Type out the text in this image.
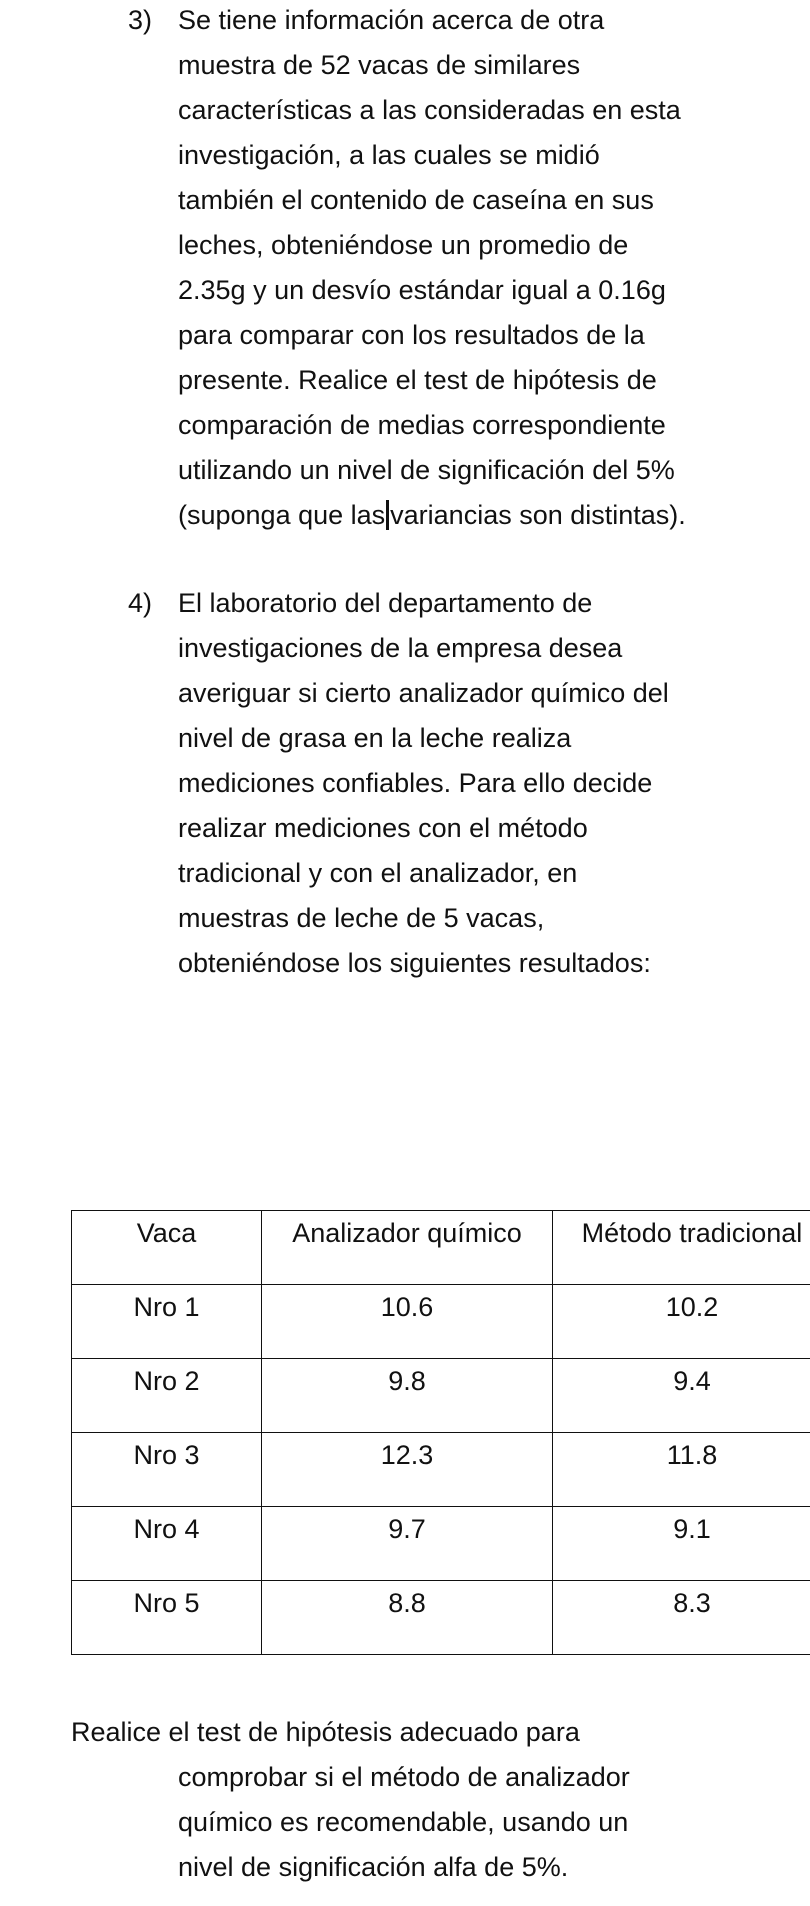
3) Se tiene información acerca de otra
muestra de 52 vacas de similares
características a las consideradas en esta
investigación, a las cuales se midió
también el contenido de caseína en sus
leches, obteniéndose un promedio de
2.35g y un desvío estándar igual a 0.16g
para comparar con los resultados de la
presente. Realice el test de hipótesis de
comparación de medias correspondiente
utilizando un nivel de significación del 5%
(suponga que las variancias son distintas).
4) El laboratorio del departamento de
investigaciones de la empresa desea
averiguar si cierto analizador químico del
nivel de grasa en la leche realiza
mediciones confiables. Para ello decide
realizar mediciones con el método
tradicional y con el analizador, en
muestras de leche de 5 vacas,
obteniéndose los siguientes resultados:
Vaca	Analizador químico	Método tradicional
Nro 1	10.6	10.2
Nro 2	9.8	9.4
Nro 3	12.3	11.8
Nro 4	9.7	9.1
Nro 5	8.8	8.3
Realice el test de hipótesis adecuado para
comprobar si el método de analizador
químico es recomendable, usando un
nivel de significación alfa de 5%.
